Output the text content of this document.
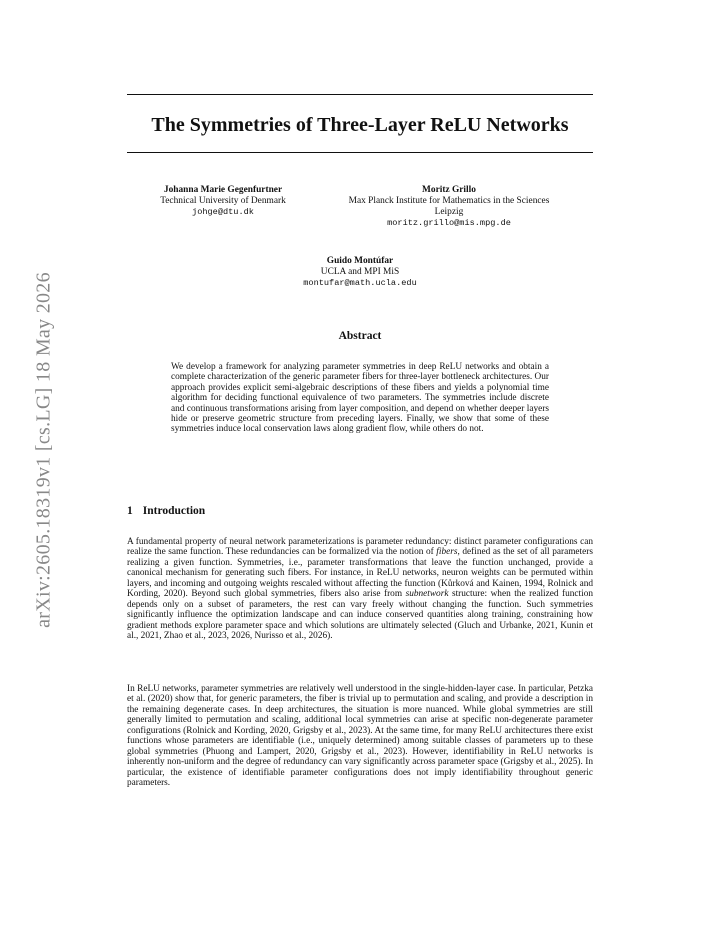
arXiv:2605.18319v1 [cs.LG] 18 May 2026
The Symmetries of Three-Layer ReLU Networks
Johanna Marie Gegenfurtner
Technical University of Denmark
johge@dtu.dk
Moritz Grillo
Max Planck Institute for Mathematics in the Sciences
Leipzig
moritz.grillo@mis.mpg.de
Guido Montúfar
UCLA and MPI MiS
montufar@math.ucla.edu
Abstract

We develop a framework for analyzing parameter symmetries in deep ReLU networks and obtain a complete characterization of the generic parameter fibers for three-layer bottleneck architectures. Our approach provides explicit semi-algebraic descriptions of these fibers and yields a polynomial time algorithm for deciding functional equivalence of two parameters. The symmetries include discrete and continuous transformations arising from layer composition, and depend on whether deeper layers hide or preserve geometric structure from preceding layers. Finally, we show that some of these symmetries induce local conservation laws along gradient flow, while others do not.

1 Introduction

A fundamental property of neural network parameterizations is parameter redundancy: distinct parameter configurations can realize the same function. These redundancies can be formalized via the notion of fibers, defined as the set of all parameters realizing a given function. Symmetries, i.e., parameter transformations that leave the function unchanged, provide a canonical mechanism for generating such fibers. For instance, in ReLU networks, neuron weights can be permuted within layers, and incoming and outgoing weights rescaled without affecting the function (Kůrková and Kainen, 1994, Rolnick and Kording, 2020). Beyond such global symmetries, fibers also arise from subnetwork structure: when the realized function depends only on a subset of parameters, the rest can vary freely without changing the function. Such symmetries significantly influence the optimization landscape and can induce conserved quantities along training, constraining how gradient methods explore parameter space and which solutions are ultimately selected (Gluch and Urbanke, 2021, Kunin et al., 2021, Zhao et al., 2023, 2026, Nurisso et al., 2026).

In ReLU networks, parameter symmetries are relatively well understood in the single-hidden-layer case. In particular, Petzka et al. (2020) show that, for generic parameters, the fiber is trivial up to permutation and scaling, and provide a description in the remaining degenerate cases. In deep architectures, the situation is more nuanced. While global symmetries are still generally limited to permutation and scaling, additional local symmetries can arise at specific non-degenerate parameter configurations (Rolnick and Kording, 2020, Grigsby et al., 2023). At the same time, for many ReLU architectures there exist functions whose parameters are identifiable (i.e., uniquely determined) among suitable classes of parameters up to these global symmetries (Phuong and Lampert, 2020, Grigsby et al., 2023). However, identifiability in ReLU networks is inherently non-uniform and the degree of redundancy can vary significantly across parameter space (Grigsby et al., 2025). In particular, the existence of identifiable parameter configurations does not imply identifiability throughout generic parameters.
